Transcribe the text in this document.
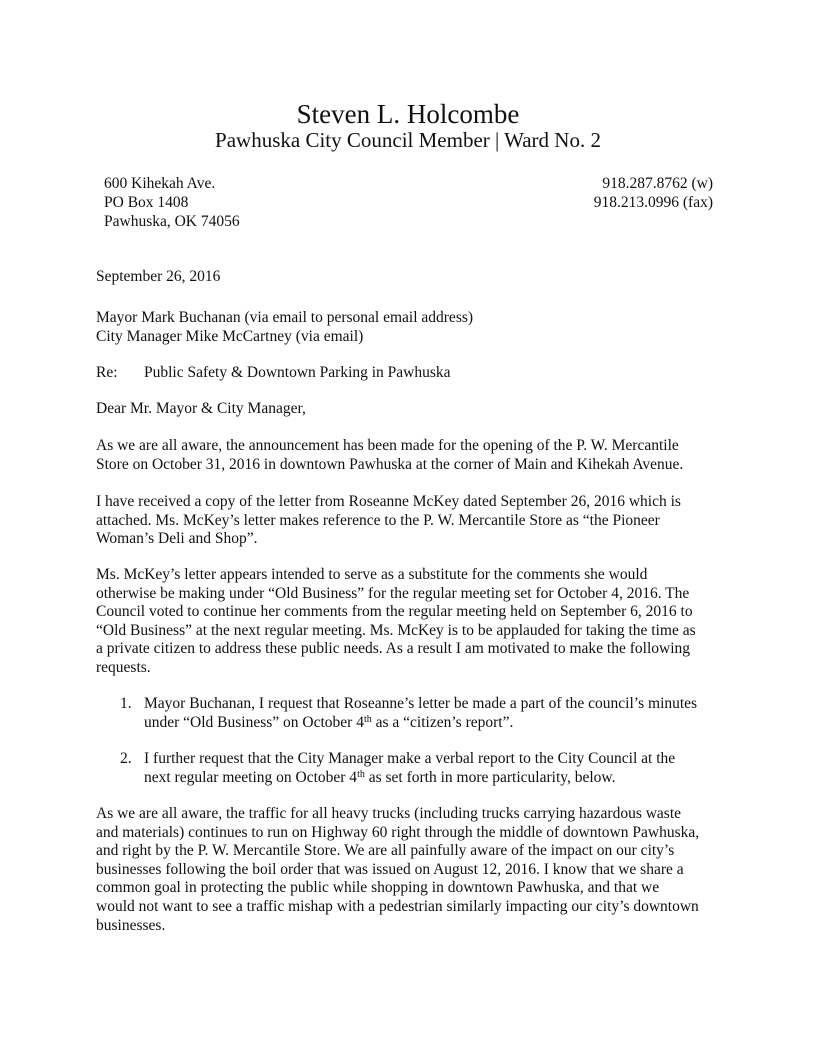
Steven L. Holcombe
Pawhuska City Council Member | Ward No. 2
600 Kihekah Ave.
PO Box 1408
Pawhuska, OK 74056
918.287.8762 (w)
918.213.0996 (fax)
September 26, 2016
Mayor Mark Buchanan (via email to personal email address)
City Manager Mike McCartney (via email)
Re: Public Safety & Downtown Parking in Pawhuska
Dear Mr. Mayor & City Manager,
As we are all aware, the announcement has been made for the opening of the P. W. Mercantile
Store on October 31, 2016 in downtown Pawhuska at the corner of Main and Kihekah Avenue.
I have received a copy of the letter from Roseanne McKey dated September 26, 2016 which is
attached. Ms. McKey’s letter makes reference to the P. W. Mercantile Store as “the Pioneer
Woman’s Deli and Shop”.
Ms. McKey’s letter appears intended to serve as a substitute for the comments she would
otherwise be making under “Old Business” for the regular meeting set for October 4, 2016. The
Council voted to continue her comments from the regular meeting held on September 6, 2016 to
“Old Business” at the next regular meeting. Ms. McKey is to be applauded for taking the time as
a private citizen to address these public needs. As a result I am motivated to make the following
requests.
1. Mayor Buchanan, I request that Roseanne’s letter be made a part of the council’s minutes
under “Old Business” on October 4th as a “citizen’s report”.
2. I further request that the City Manager make a verbal report to the City Council at the
next regular meeting on October 4th as set forth in more particularity, below.
As we are all aware, the traffic for all heavy trucks (including trucks carrying hazardous waste
and materials) continues to run on Highway 60 right through the middle of downtown Pawhuska,
and right by the P. W. Mercantile Store. We are all painfully aware of the impact on our city’s
businesses following the boil order that was issued on August 12, 2016. I know that we share a
common goal in protecting the public while shopping in downtown Pawhuska, and that we
would not want to see a traffic mishap with a pedestrian similarly impacting our city’s downtown
businesses.
